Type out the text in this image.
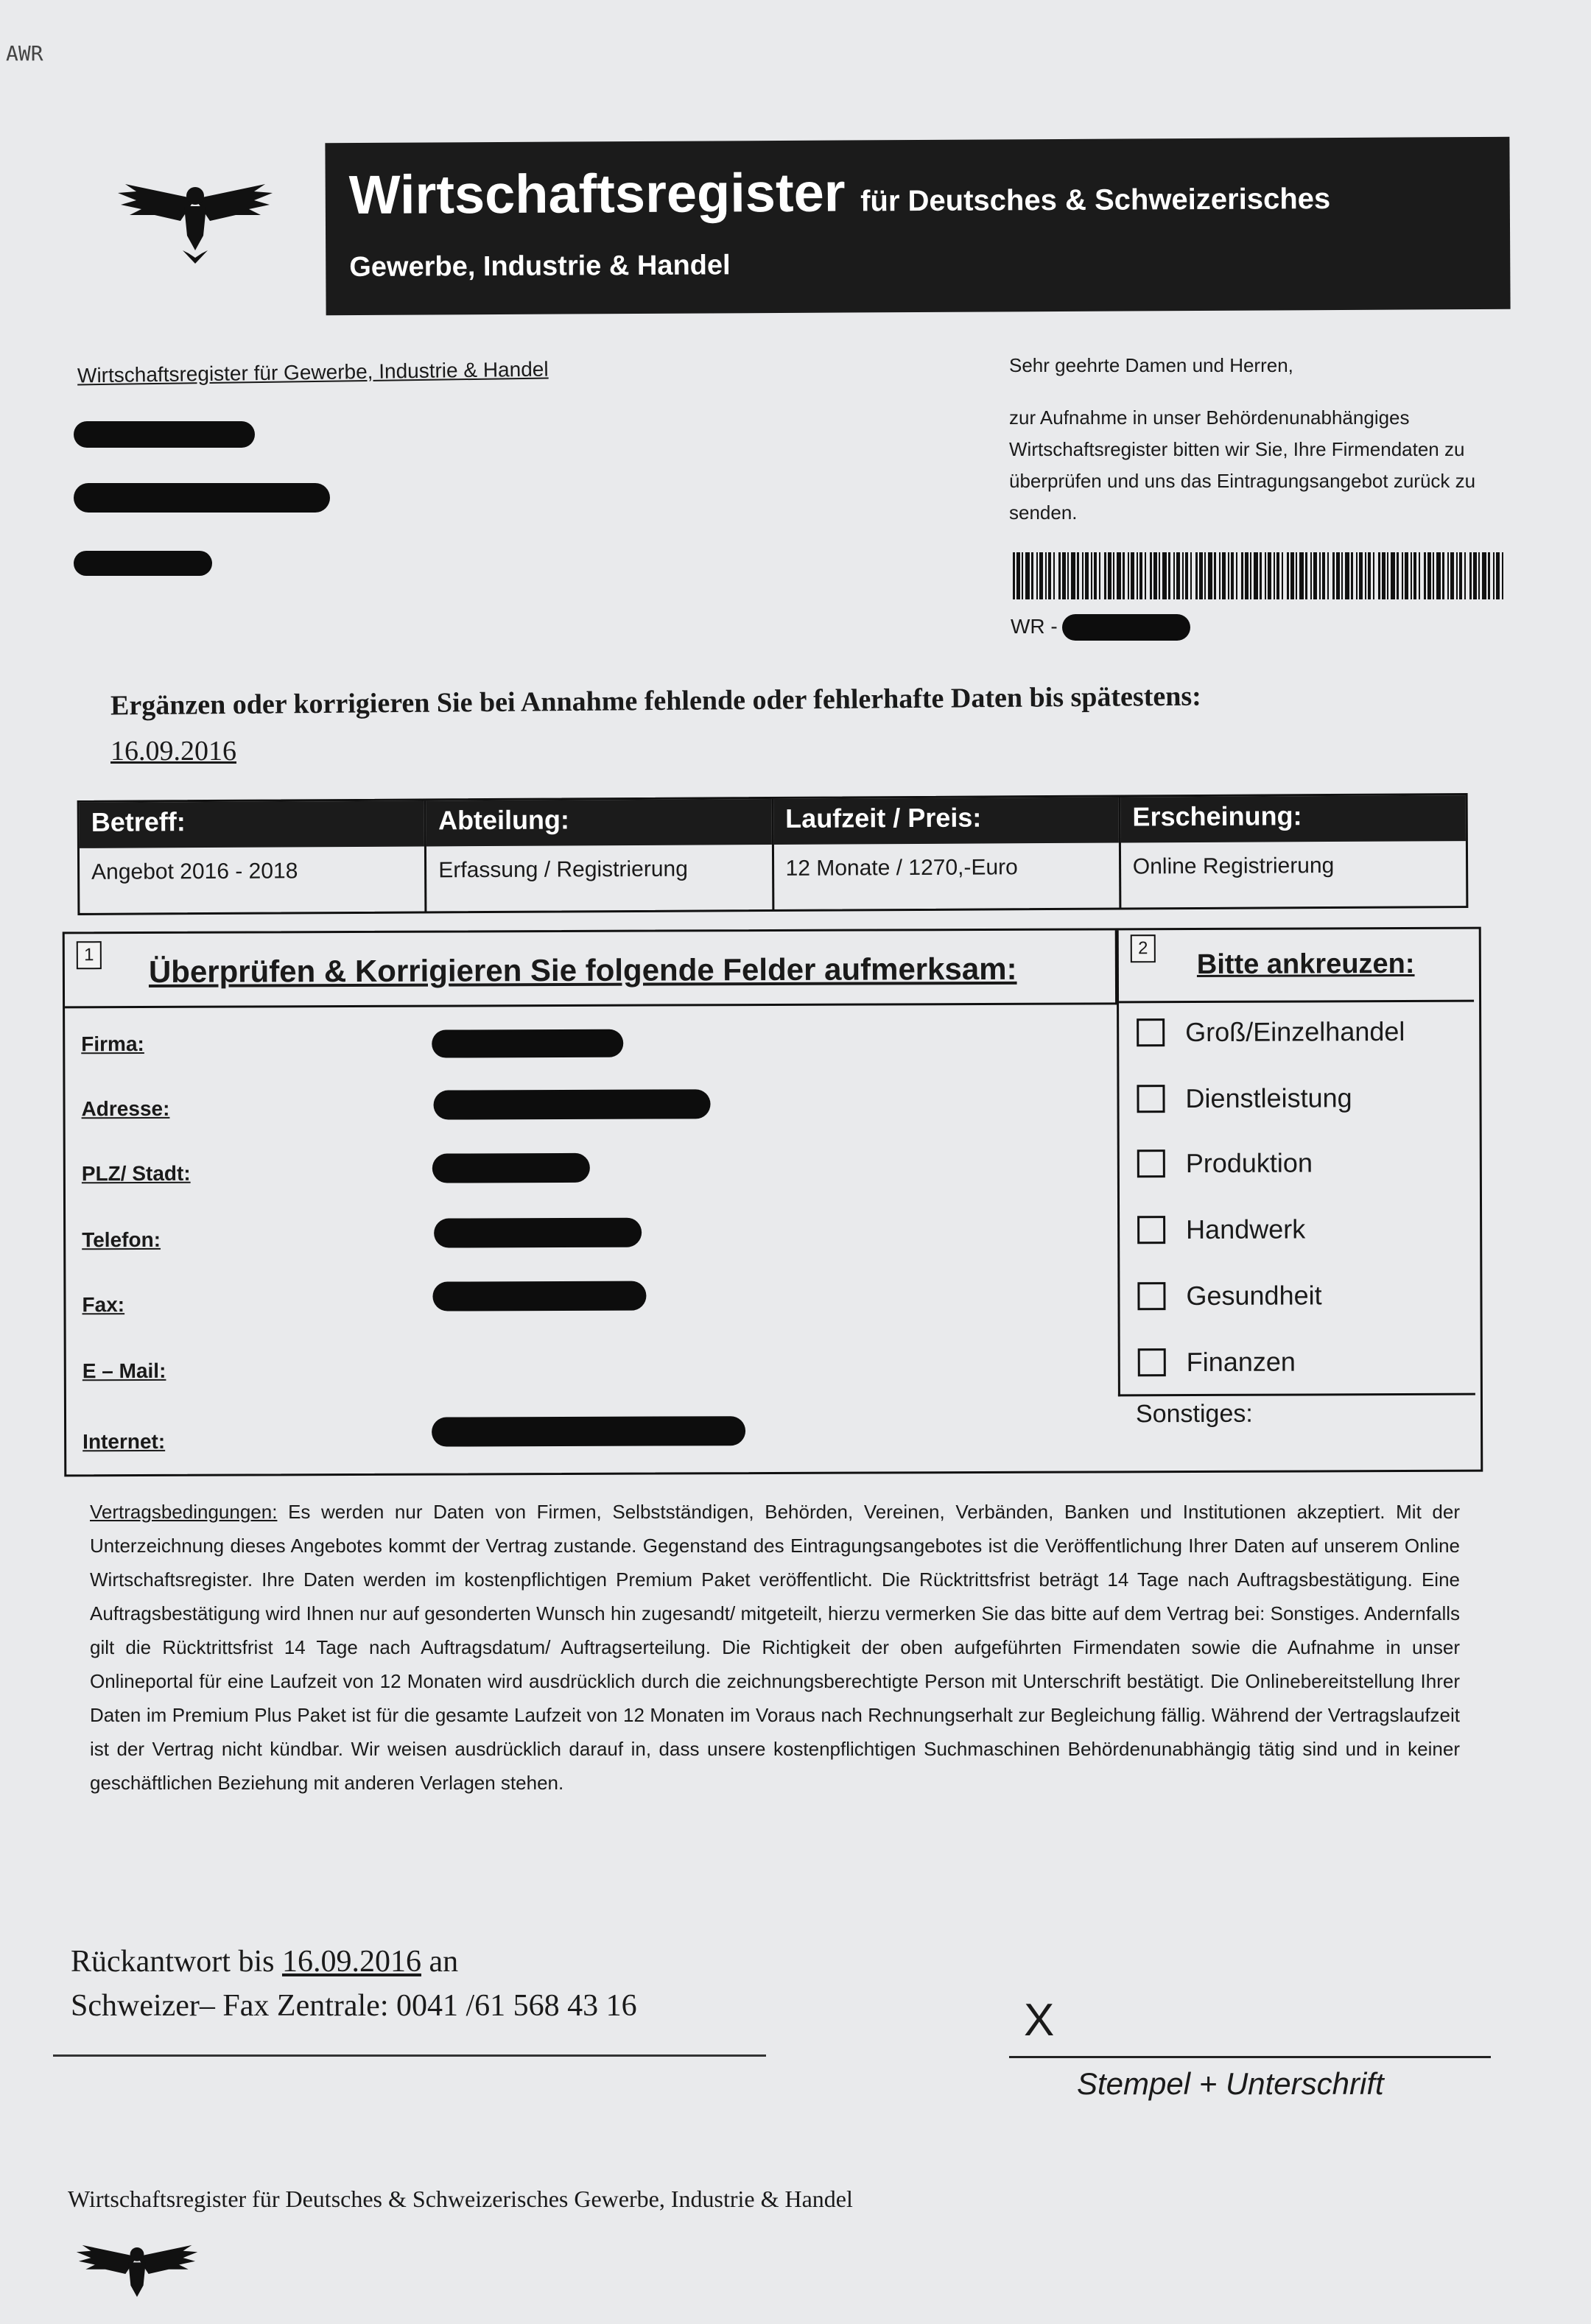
AWR
Wirtschaftsregister für Deutsches & Schweizerisches
Gewerbe, Industrie & Handel
Wirtschaftsregister für Gewerbe, Industrie & Handel	Sehr geehrte Damen und Herren,
zur Aufnahme in unser Behördenunabhängiges Wirtschaftsregister bitten wir Sie, Ihre Firmendaten zu überprüfen und uns das Eintragungsangebot zurück zu senden.
WR -
Ergänzen oder korrigieren Sie bei Annahme fehlende oder fehlerhafte Daten bis spätestens:
16.09.2016
Betreff:
Angebot 2016 - 2018
Abteilung:
Erfassung / Registrierung
Laufzeit / Preis:
12 Monate / 1270,-Euro
Erscheinung:
Online Registrierung
1 Überprüfen & Korrigieren Sie folgende Felder aufmerksam:
Firma:
Adresse:
PLZ/ Stadt:
Telefon:
Fax:
E – Mail:
Internet:
2
Bitte ankreuzen:
Groß/Einzelhandel
Dienstleistung
Produktion
Handwerk
Gesundheit
Finanzen
Sonstiges:
Vertragsbedingungen: Es werden nur Daten von Firmen, Selbstständigen, Behörden, Vereinen, Verbänden, Banken und Institutionen akzeptiert. Mit der Unterzeichnung dieses Angebotes kommt der Vertrag zustande. Gegenstand des Eintragungsangebotes ist die Veröffentlichung Ihrer Daten auf unserem Online Wirtschaftsregister. Ihre Daten werden im kostenpflichtigen Premium Paket veröffentlicht. Die Rücktrittsfrist beträgt 14 Tage nach Auftragsbestätigung. Eine Auftragsbestätigung wird Ihnen nur auf gesonderten Wunsch hin zugesandt/ mitgeteilt, hierzu vermerken Sie das bitte auf dem Vertrag bei: Sonstiges. Andernfalls gilt die Rücktrittsfrist 14 Tage nach Auftragsdatum/ Auftragserteilung. Die Richtigkeit der oben aufgeführten Firmendaten sowie die Aufnahme in unser Onlineportal für eine Laufzeit von 12 Monaten wird ausdrücklich durch die zeichnungsberechtigte Person mit Unterschrift bestätigt. Die Onlinebereitstellung Ihrer Daten im Premium Plus Paket ist für die gesamte Laufzeit von 12 Monaten im Voraus nach Rechnungserhalt zur Begleichung fällig. Während der Vertragslaufzeit ist der Vertrag nicht kündbar. Wir weisen ausdrücklich darauf in, dass unsere kostenpflichtigen Suchmaschinen Behördenunabhängig tätig sind und in keiner geschäftlichen Beziehung mit anderen Verlagen stehen.
Rückantwort bis 16.09.2016 an
Schweizer– Fax Zentrale: 0041 /61 568 43 16	X
Stempel + Unterschrift
Wirtschaftsregister für Deutsches & Schweizerisches Gewerbe, Industrie & Handel
